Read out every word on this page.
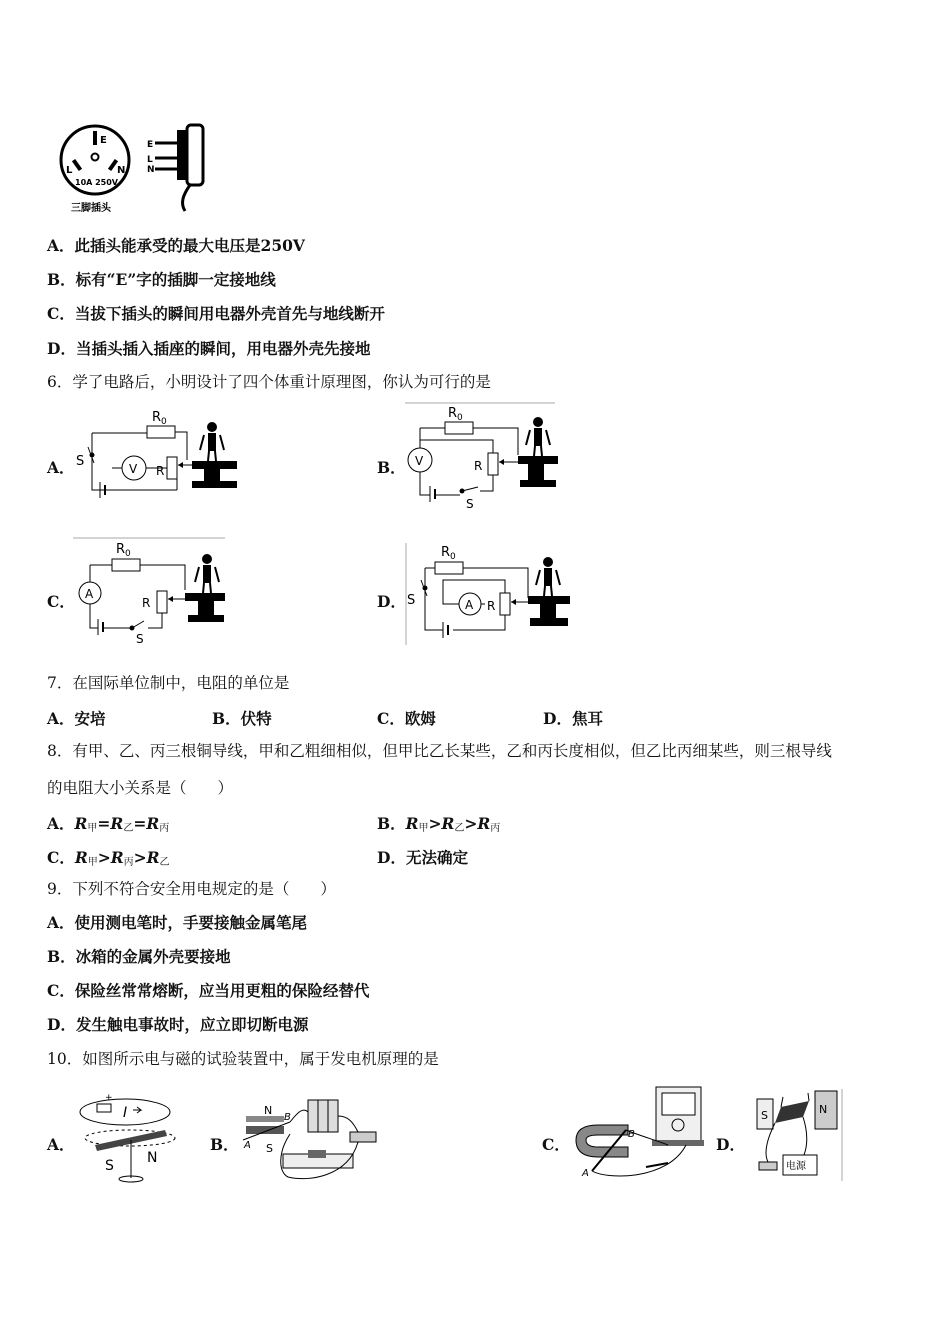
E
L	N
10A 250V
三脚插头
E
L
N
A．此插头能承受的最大电压是250V
B．标有“E”字的插脚一定接地线
C．当拔下插头的瞬间用电器外壳首先与地线断开
D．当插头插入插座的瞬间，用电器外壳先接地
6．学了电路后，小明设计了四个体重计原理图，你认为可行的是
A．
R 0
S	V R	B．
R 0
V
S
R
C．
R 0
A
S
R	D．
R 0
S	A R
7．在国际单位制中，电阻的单位是
A．安培	B．伏特	C．欧姆	D．焦耳
8．有甲、乙、丙三根铜导线，甲和乙粗细相似，但甲比乙长某些，乙和丙长度相似，但乙比丙细某些，则三根导线
的电阻大小关系是（　　）
A．$R_甲=R_乙=R_丙$	B．$R_甲>R_乙>R_丙$
C．$R_甲>R_丙>R_乙$	D．无法确定
9．下列不符合安全用电规定的是（　　）
A．使用测电笔时，手要接触金属笔尾
B．冰箱的金属外壳要接地
C．保险丝常常熔断，应当用更粗的保险经替代
D．发生触电事故时，应立即切断电源
10．如图所示电与磁的试验装置中，属于发电机原理的是
A．
+
I
S N
B．
N
B
A S	C．
B
A
D．
S	N
电源
